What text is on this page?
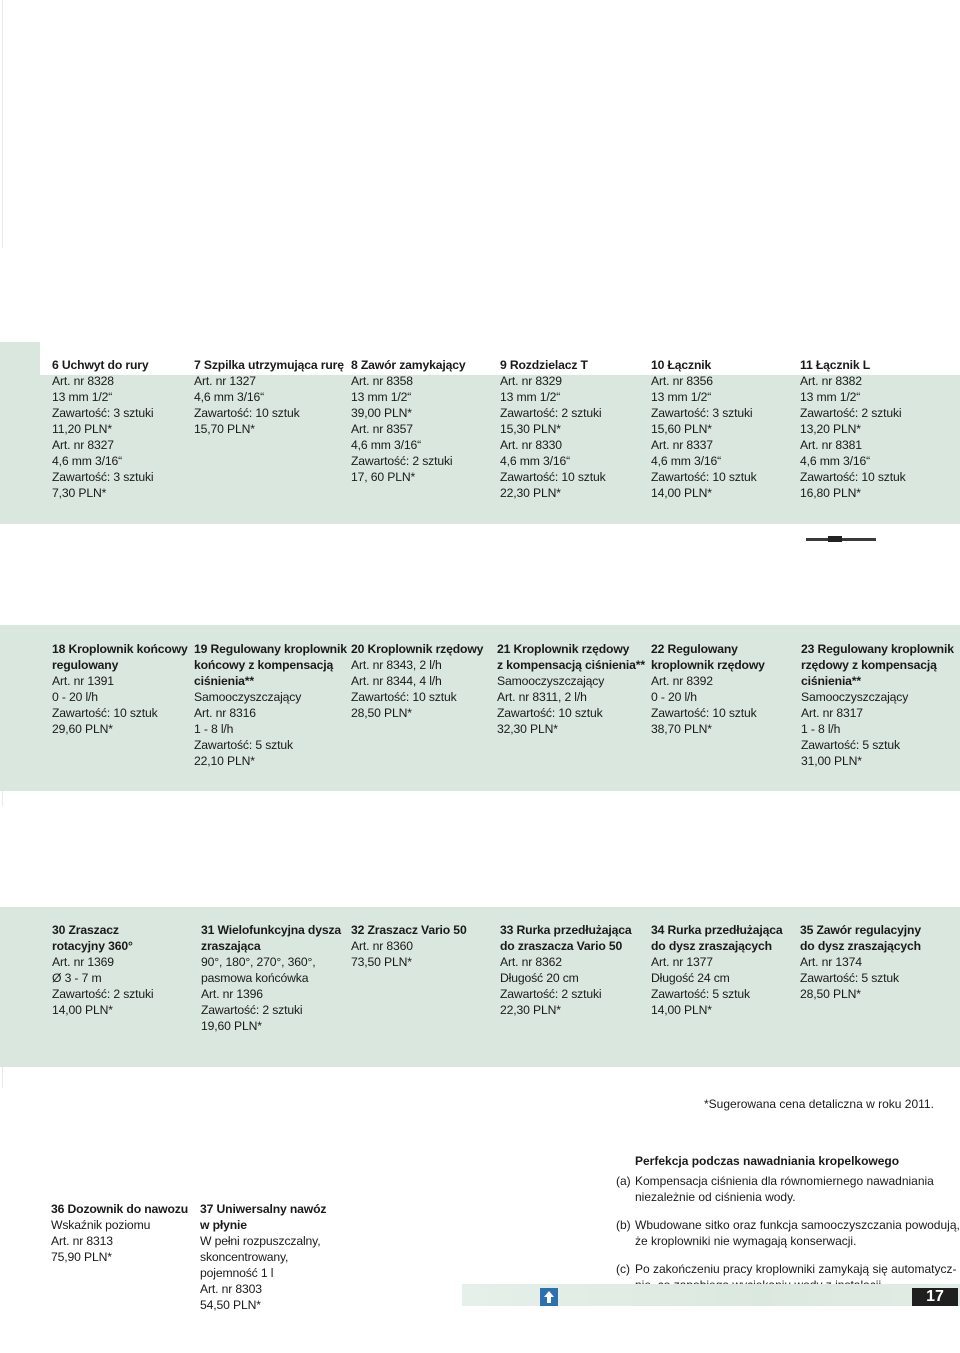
6 Uchwyt do rury
Art. nr 8328
13 mm 1/2“
Zawartość: 3 sztuki
11,20 PLN*
Art. nr 8327
4,6 mm 3/16“
Zawartość: 3 sztuki
7,30 PLN*
7 Szpilka utrzymująca rurę
Art. nr 1327
4,6 mm 3/16“
Zawartość: 10 sztuk
15,70 PLN*
8 Zawór zamykający
Art. nr 8358
13 mm 1/2“
39,00 PLN*
Art. nr 8357
4,6 mm 3/16“
Zawartość: 2 sztuki
17, 60 PLN*
9 Rozdzielacz T
Art. nr 8329
13 mm 1/2“
Zawartość: 2 sztuki
15,30 PLN*
Art. nr 8330
4,6 mm 3/16“
Zawartość: 10 sztuk
22,30 PLN*
10 Łącznik
Art. nr 8356
13 mm 1/2“
Zawartość: 3 sztuki
15,60 PLN*
Art. nr 8337
4,6 mm 3/16“
Zawartość: 10 sztuk
14,00 PLN*
11 Łącznik L
Art. nr 8382
13 mm 1/2“
Zawartość: 2 sztuki
13,20 PLN*
Art. nr 8381
4,6 mm 3/16“
Zawartość: 10 sztuk
16,80 PLN*
18 Kroplownik końcowy
regulowany
Art. nr 1391
0 - 20 l/h
Zawartość: 10 sztuk
29,60 PLN*
19 Regulowany kroplownik
końcowy z kompensacją
ciśnienia**
Samooczyszczający
Art. nr 8316
1 - 8 l/h
Zawartość: 5 sztuk
22,10 PLN*
20 Kroplownik rzędowy
Art. nr 8343, 2 l/h
Art. nr 8344, 4 l/h
Zawartość: 10 sztuk
28,50 PLN*
21 Kroplownik rzędowy
z kompensacją ciśnienia**
Samooczyszczający
Art. nr 8311, 2 l/h
Zawartość: 10 sztuk
32,30 PLN*
22 Regulowany
kroplownik rzędowy
Art. nr 8392
0 - 20 l/h
Zawartość: 10 sztuk
38,70 PLN*
23 Regulowany kroplownik
rzędowy z kompensacją
ciśnienia**
Samooczyszczający
Art. nr 8317
1 - 8 l/h
Zawartość: 5 sztuk
31,00 PLN*
30 Zraszacz
rotacyjny 360°
Art. nr 1369
Ø 3 - 7 m
Zawartość: 2 sztuki
14,00 PLN*
31 Wielofunkcyjna dysza
zraszająca
90°, 180°, 270°, 360°,
pasmowa końcówka
Art. nr 1396
Zawartość: 2 sztuki
19,60 PLN*
32 Zraszacz Vario 50
Art. nr 8360
73,50 PLN*
33 Rurka przedłużająca
do zraszacza Vario 50
Art. nr 8362
Długość 20 cm
Zawartość: 2 sztuki
22,30 PLN*
34 Rurka przedłużająca
do dysz zraszających
Art. nr 1377
Długość 24 cm
Zawartość: 5 sztuk
14,00 PLN*
35 Zawór regulacyjny
do dysz zraszających
Art. nr 1374
Zawartość: 5 sztuk
28,50 PLN*
*Sugerowana cena detaliczna w roku 2011.
36 Dozownik do nawozu
Wskaźnik poziomu
Art. nr 8313
75,90 PLN*
37 Uniwersalny nawóz
w płynie
W pełni rozpuszczalny,
skoncentrowany,
pojemność 1 l
Art. nr 8303
54,50 PLN*
Perfekcja podczas nawadniania kropelkowego
(a) Kompensacja ciśnienia dla równomiernego nawadniania
niezależnie od ciśnienia wody.
(b) Wbudowane sitko oraz funkcja samooczyszczania powodują,
że kroplowniki nie wymagają konserwacji.
(c) Po zakończeniu pracy kroplowniki zamykają się automatycz-
17
